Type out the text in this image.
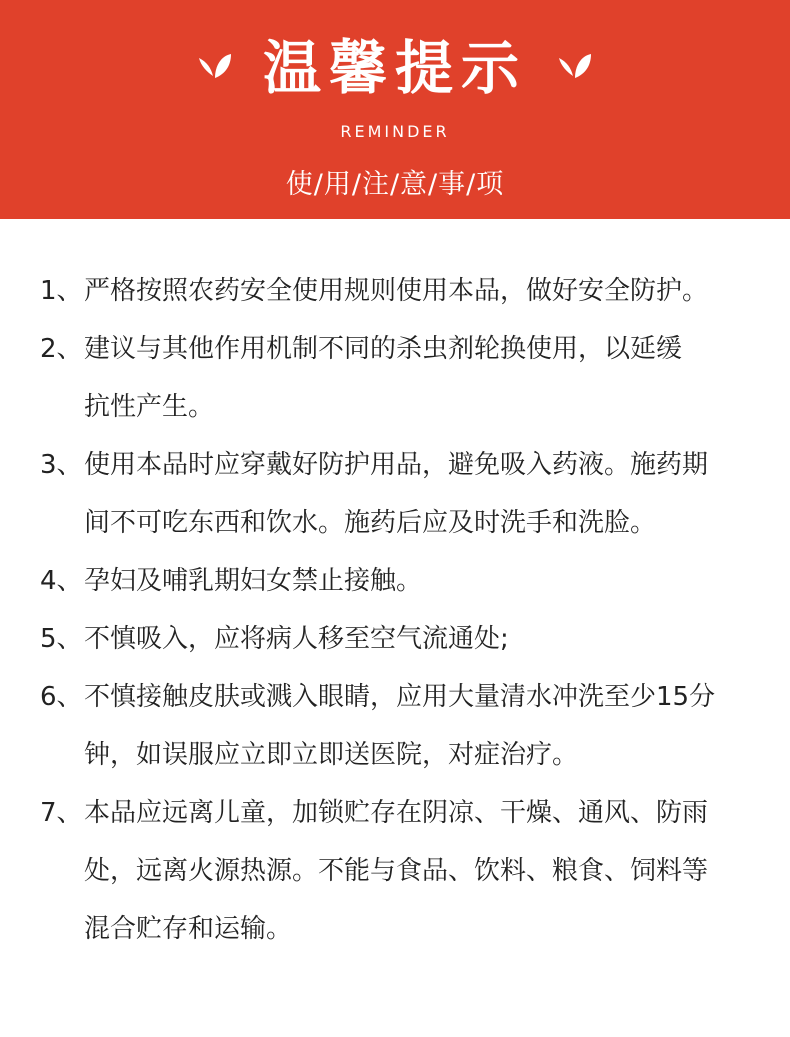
温馨提示
REMINDER
使/用/注/意/事/项
1、 严格按照农药安全使用规则使用本品，做好安全防护。
2、 建议与其他作用机制不同的杀虫剂轮换使用，以延缓
抗性产生。
3、 使用本品时应穿戴好防护用品，避免吸入药液。施药期
间不可吃东西和饮水。施药后应及时洗手和洗脸。
4、 孕妇及哺乳期妇女禁止接触。
5、 不慎吸入，应将病人移至空气流通处;
6、 不慎接触皮肤或溅入眼睛，应用大量清水冲洗至少15分
钟，如误服应立即立即送医院，对症治疗。
7、 本品应远离儿童，加锁贮存在阴凉、干燥、通风、防雨
处，远离火源热源。不能与食品、饮料、粮食、饲料等
混合贮存和运输。
